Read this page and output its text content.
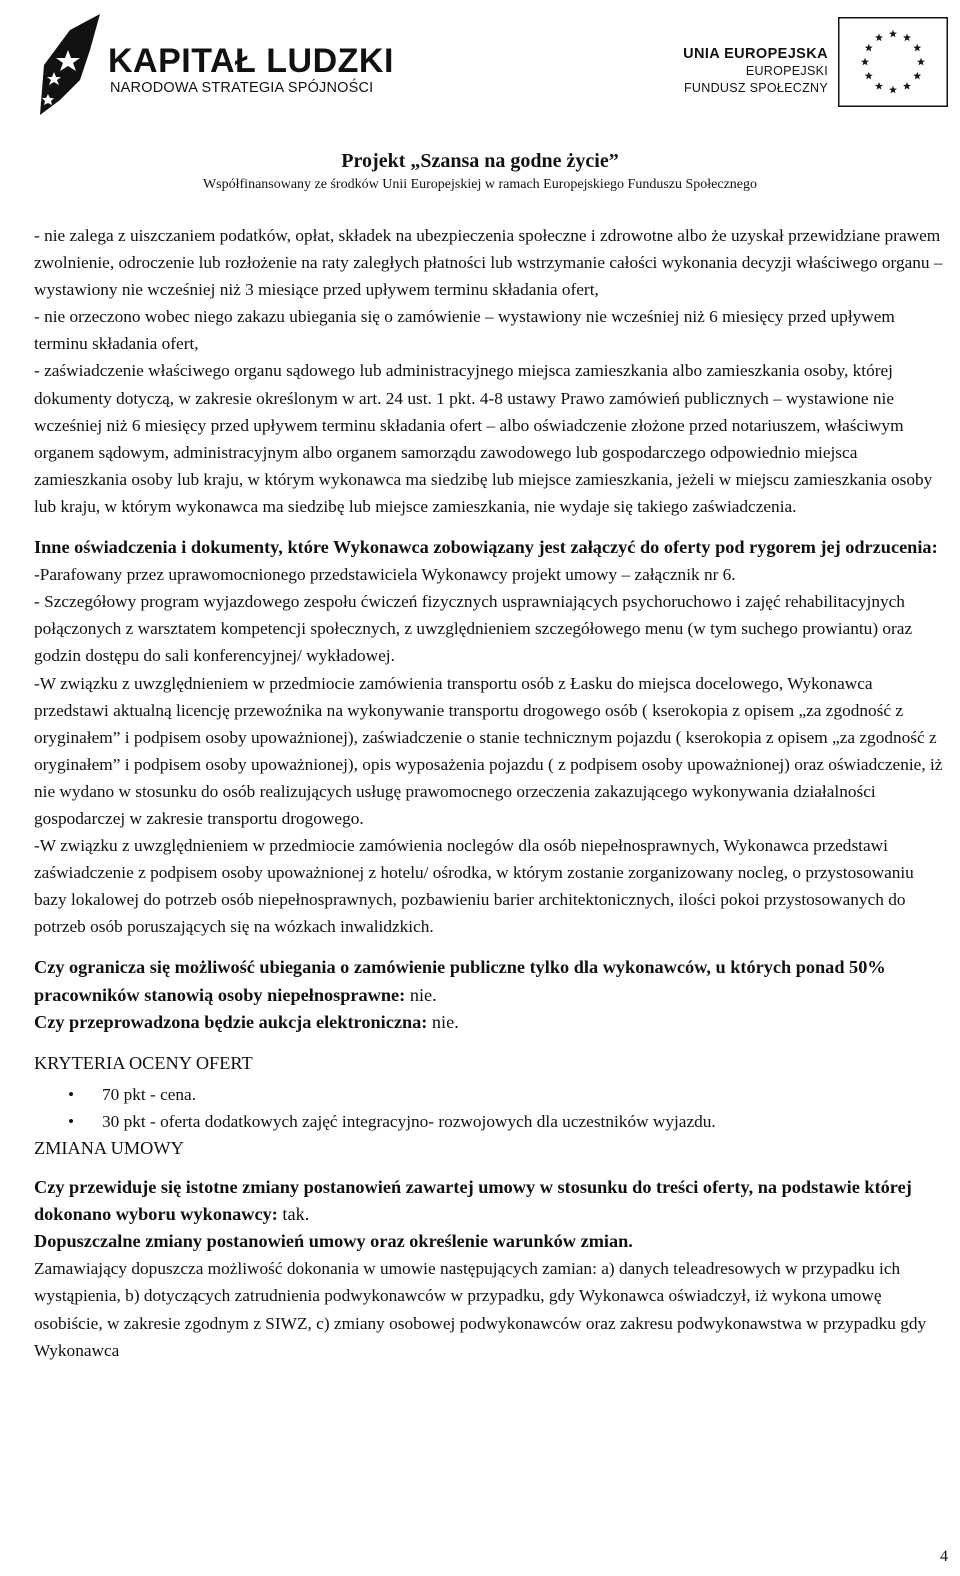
KAPITAŁ LUDZKI
NARODOWA STRATEGIA SPÓJNOŚCI
UNIA EUROPEJSKA
EUROPEJSKI
FUNDUSZ SPOŁECZNY
Projekt „Szansa na godne życie”
Współfinansowany ze środków Unii Europejskiej w ramach Europejskiego Funduszu Społecznego

- nie zalega z uiszczaniem podatków, opłat, składek na ubezpieczenia społeczne i zdrowotne albo że uzyskał przewidziane prawem zwolnienie, odroczenie lub rozłożenie na raty zaległych płatności lub wstrzymanie całości wykonania decyzji właściwego organu – wystawiony nie wcześniej niż 3 miesiące przed upływem terminu składania ofert,

- nie orzeczono wobec niego zakazu ubiegania się o zamówienie – wystawiony nie wcześniej niż 6 miesięcy przed upływem terminu składania ofert,

- zaświadczenie właściwego organu sądowego lub administracyjnego miejsca zamieszkania albo zamieszkania osoby, której dokumenty dotyczą, w zakresie określonym w art. 24 ust. 1 pkt. 4-8 ustawy Prawo zamówień publicznych – wystawione nie wcześniej niż 6 miesięcy przed upływem terminu składania ofert – albo oświadczenie złożone przed notariuszem, właściwym organem sądowym, administracyjnym albo organem samorządu zawodowego lub gospodarczego odpowiednio miejsca zamieszkania osoby lub kraju, w którym wykonawca ma siedzibę lub miejsce zamieszkania, jeżeli w miejscu zamieszkania osoby lub kraju, w którym wykonawca ma siedzibę lub miejsce zamieszkania, nie wydaje się takiego zaświadczenia.

Inne oświadczenia i dokumenty, które Wykonawca zobowiązany jest załączyć do oferty pod rygorem jej odrzucenia:

-Parafowany przez uprawomocnionego przedstawiciela Wykonawcy projekt umowy – załącznik nr 6.

- Szczegółowy program wyjazdowego zespołu ćwiczeń fizycznych usprawniających psychoruchowo i zajęć rehabilitacyjnych połączonych z warsztatem kompetencji społecznych, z uwzględnieniem szczegółowego menu (w tym suchego prowiantu) oraz godzin dostępu do sali konferencyjnej/ wykładowej.

-W związku z uwzględnieniem w przedmiocie zamówienia transportu osób z Łasku do miejsca docelowego, Wykonawca przedstawi aktualną licencję przewoźnika na wykonywanie transportu drogowego osób ( kserokopia z opisem „za zgodność z oryginałem” i podpisem osoby upoważnionej), zaświadczenie o stanie technicznym pojazdu ( kserokopia z opisem „za zgodność z oryginałem” i podpisem osoby upoważnionej), opis wyposażenia pojazdu ( z podpisem osoby upoważnionej) oraz oświadczenie, iż nie wydano w stosunku do osób realizujących usługę prawomocnego orzeczenia zakazującego wykonywania działalności gospodarczej w zakresie transportu drogowego.

-W związku z uwzględnieniem w przedmiocie zamówienia noclegów dla osób niepełnosprawnych, Wykonawca przedstawi zaświadczenie z podpisem osoby upoważnionej z hotelu/ ośrodka, w którym zostanie zorganizowany nocleg, o przystosowaniu bazy lokalowej do potrzeb osób niepełnosprawnych, pozbawieniu barier architektonicznych, ilości pokoi przystosowanych do potrzeb osób poruszających się na wózkach inwalidzkich.

Czy ogranicza się możliwość ubiegania o zamówienie publiczne tylko dla wykonawców, u których ponad 50% pracowników stanowią osoby niepełnosprawne: nie.

Czy przeprowadzona będzie aukcja elektroniczna: nie.

KRYTERIA OCENY OFERT

• 70 pkt - cena.
• 30 pkt - oferta dodatkowych zajęć integracyjno- rozwojowych dla uczestników wyjazdu.

ZMIANA UMOWY

Czy przewiduje się istotne zmiany postanowień zawartej umowy w stosunku do treści oferty, na podstawie której dokonano wyboru wykonawcy: tak.

Dopuszczalne zmiany postanowień umowy oraz określenie warunków zmian.

Zamawiający dopuszcza możliwość dokonania w umowie następujących zamian: a) danych teleadresowych w przypadku ich wystąpienia, b) dotyczących zatrudnienia podwykonawców w przypadku, gdy Wykonawca oświadczył, iż wykona umowę osobiście, w zakresie zgodnym z SIWZ, c) zmiany osobowej podwykonawców oraz zakresu podwykonawstwa w przypadku gdy Wykonawca

4
